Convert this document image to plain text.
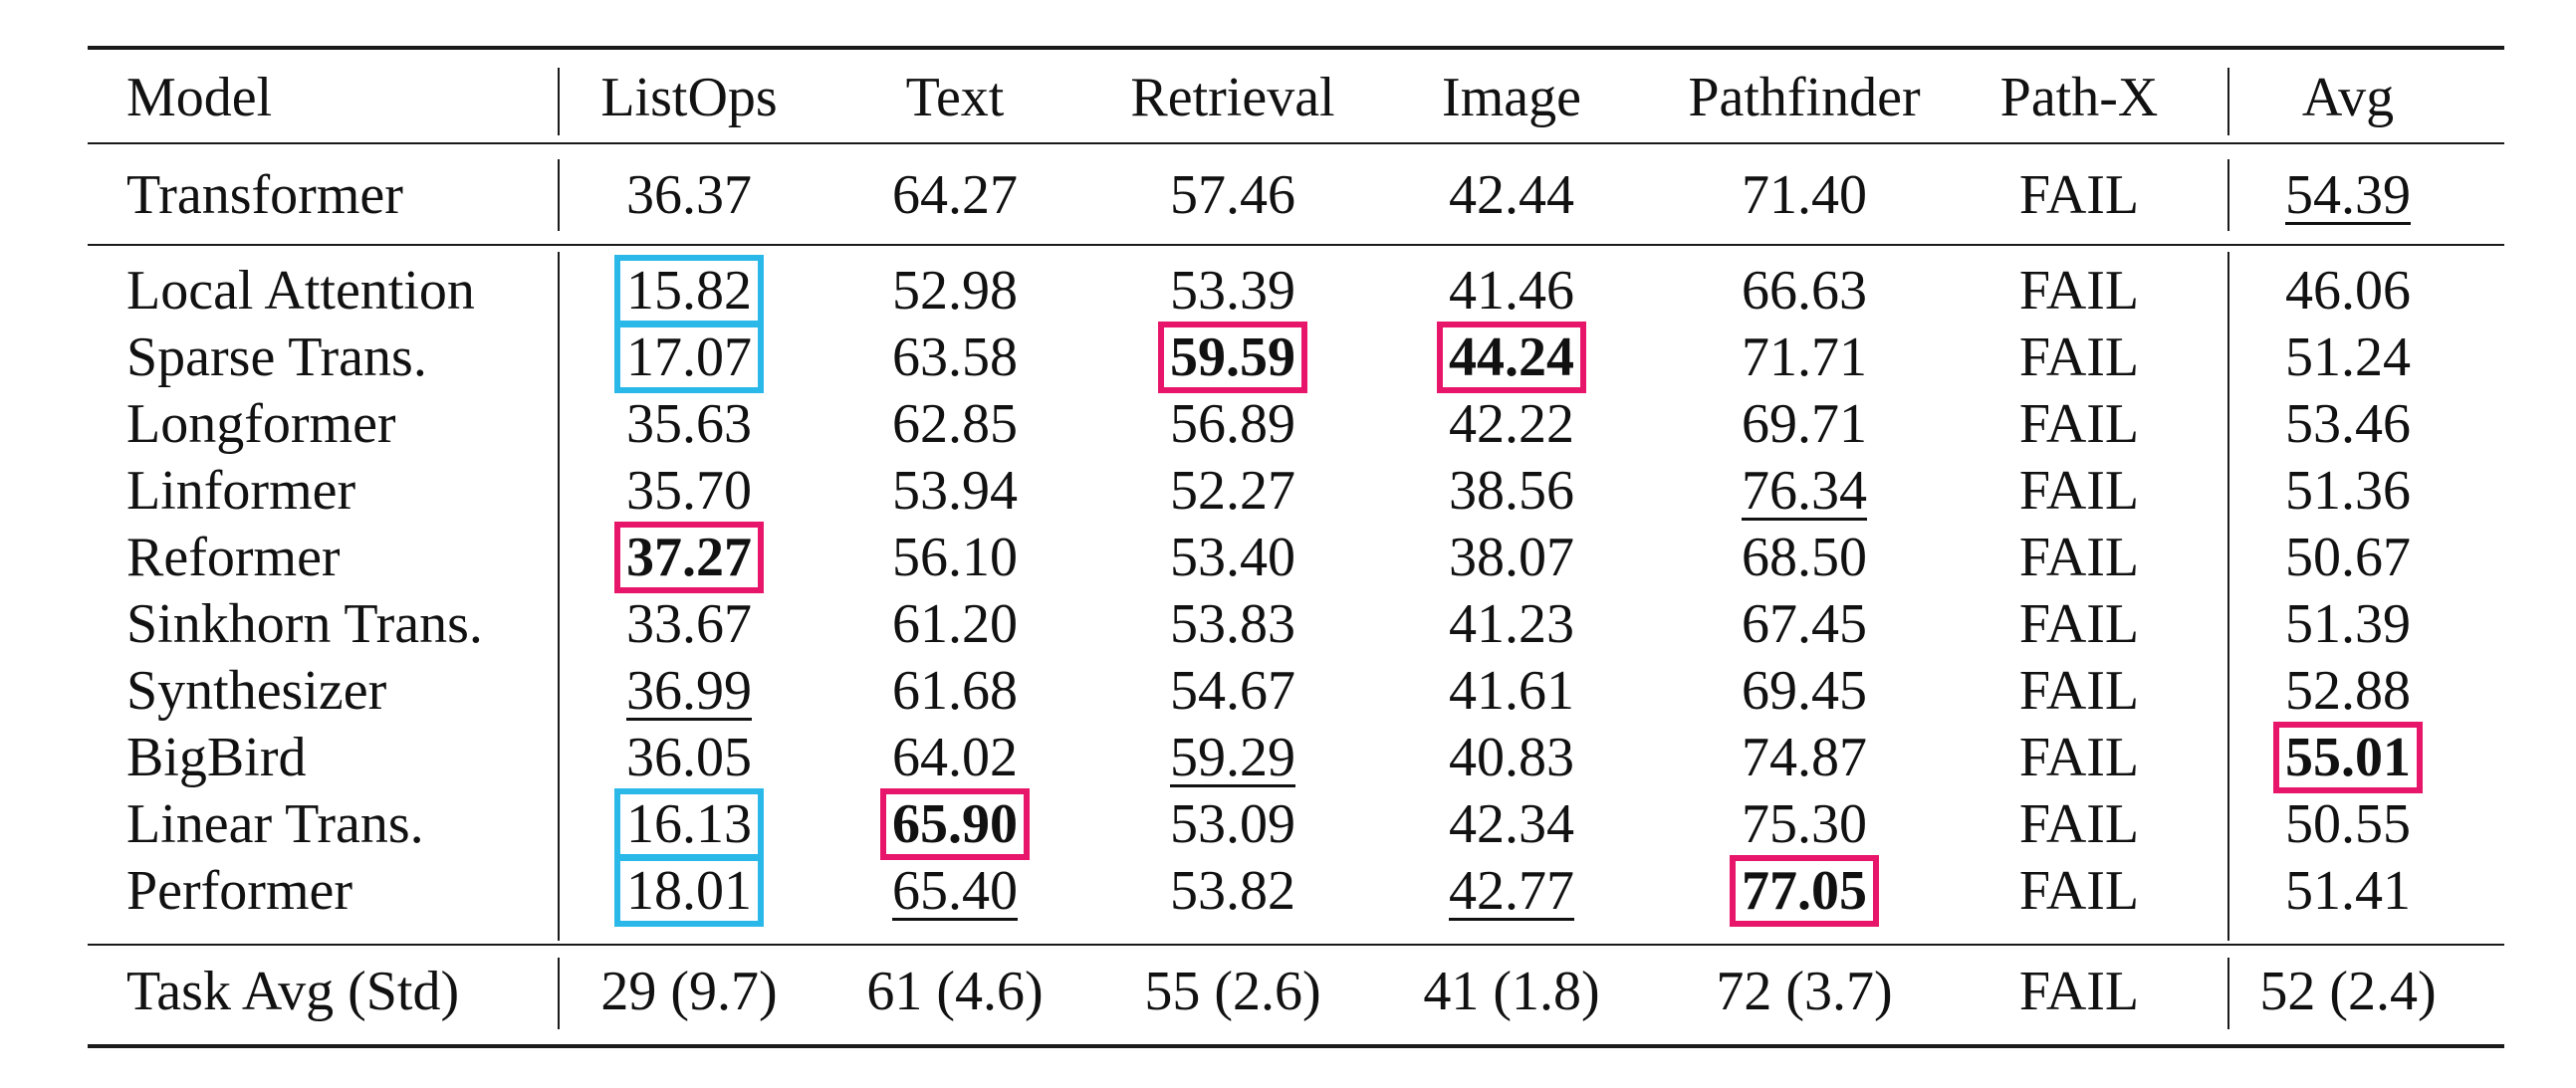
Model	ListOps Text Retrieval Image Pathfinder Path-X	Avg
Transformer	36.37	64.27	57.46	42.44	71.40	FAIL	54.39
Local Attention	15.82	52.98	53.39	41.46	66.63	FAIL	46.06
Sparse Trans.	17.07	63.58	59.59	44.24	71.71	FAIL	51.24
Longformer	35.63	62.85	56.89	42.22	69.71	FAIL	53.46
Linformer	35.70	53.94	52.27	38.56	76.34	FAIL	51.36
Reformer	37.27	56.10	53.40	38.07	68.50	FAIL	50.67
Sinkhorn Trans.	33.67	61.20	53.83	41.23	67.45	FAIL	51.39
Synthesizer	36.99	61.68	54.67	41.61	69.45	FAIL	52.88
BigBird	36.05	64.02	59.29	40.83	74.87	FAIL	55.01
Linear Trans.	16.13	65.90	53.09	42.34	75.30	FAIL	50.55
Performer	18.01	65.40	53.82	42.77	77.05	FAIL	51.41
Task Avg (Std)	29 (9.7) 61 (4.6) 55 (2.6) 41 (1.8) 72 (3.7) FAIL 52 (2.4)
